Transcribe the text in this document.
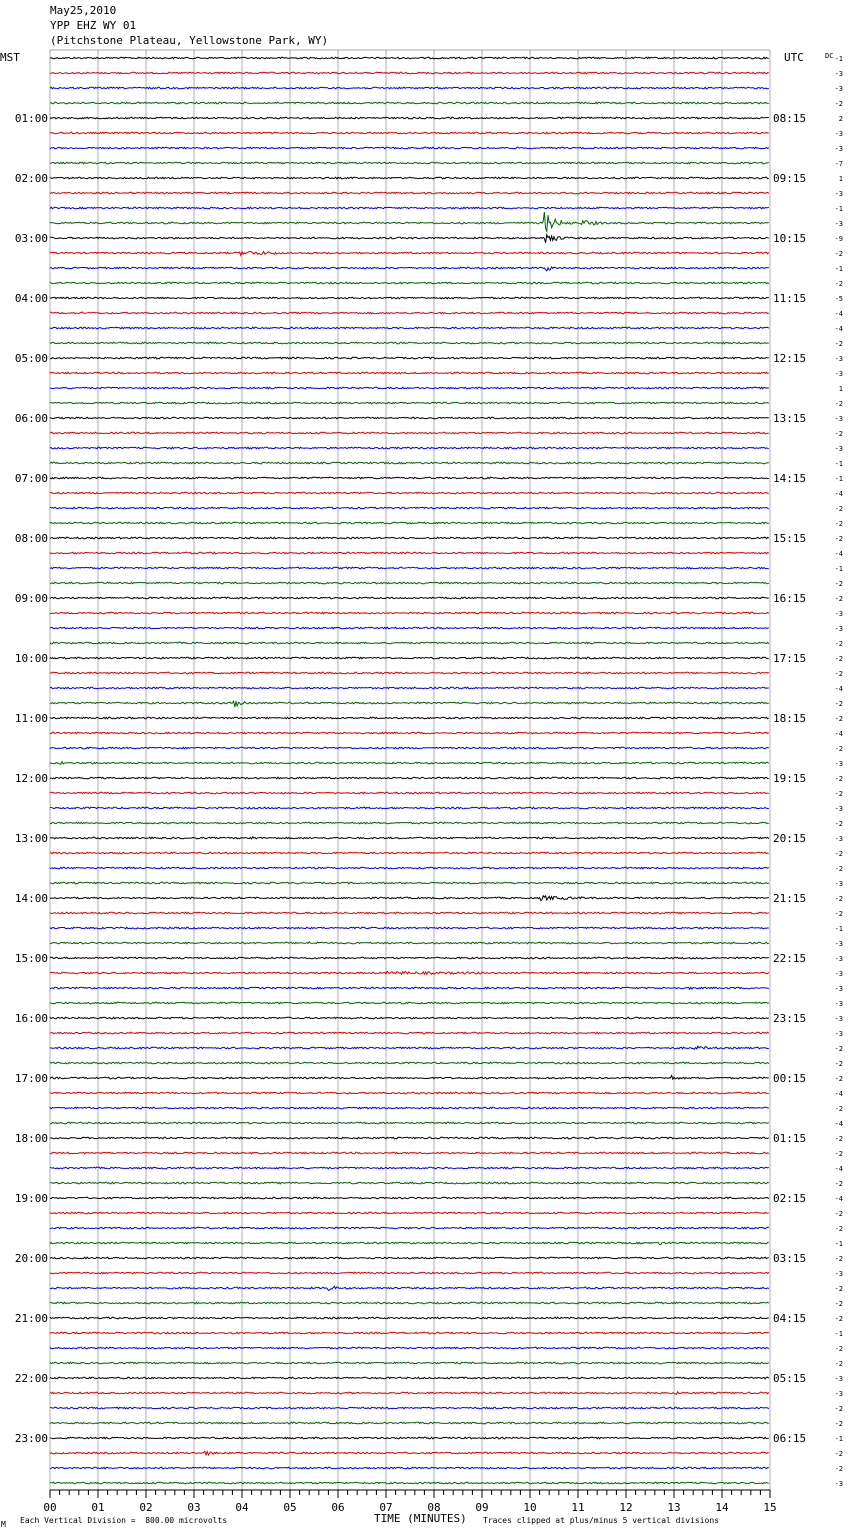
May25,2010
YPP EHZ WY 01
(Pitchstone Plateau, Yellowstone Park, WY)
MST	UTC	DC
01:00
02:00
03:00
04:00
05:00
06:00
07:00
08:00
09:00
10:00
11:00
12:00
13:00
14:00
15:00
16:00
17:00
18:00
19:00
20:00
21:00
22:00
23:00
08:15
09:15
10:15
11:15
12:15
13:15
14:15
15:15
16:15
17:15
18:15
19:15
20:15
21:15
22:15
23:15
00:15
01:15
02:15
03:15
04:15
05:15
06:15
-1
-3
-3
-2
2
-3
-3
-7
1
-3
-1
-3
-9
-2
-1
-2
-5
-4
-4
-2
-3
-3
1
-2
-3
-2
-3
-1
-1
-4
-2
-2
-2
-4
-1
-2
-2
-3
-3
-2
-2
-2
-4
-2
-2
-4
-2
-3
-2
-2
-3
-2
-3
-2
-2
-3
-2
-2
-1
-3
-3
-3
-3
-3
-3
-3
-2
-2
-2
-4
-2
-4
-2
-2
-4
-2
-4
-2
-2
-1
-2
-3
-2
-2
-2
-1
-2
-2
-3
-3
-2
-2
-1
-2
-2
-3
00	01	02	03	04	05	06	07	08	09	10	11	12	13	14	15
M Each Vertical Division =  800.00 microvolts	TIME (MINUTES) Traces clipped at plus/minus 5 vertical divisions
